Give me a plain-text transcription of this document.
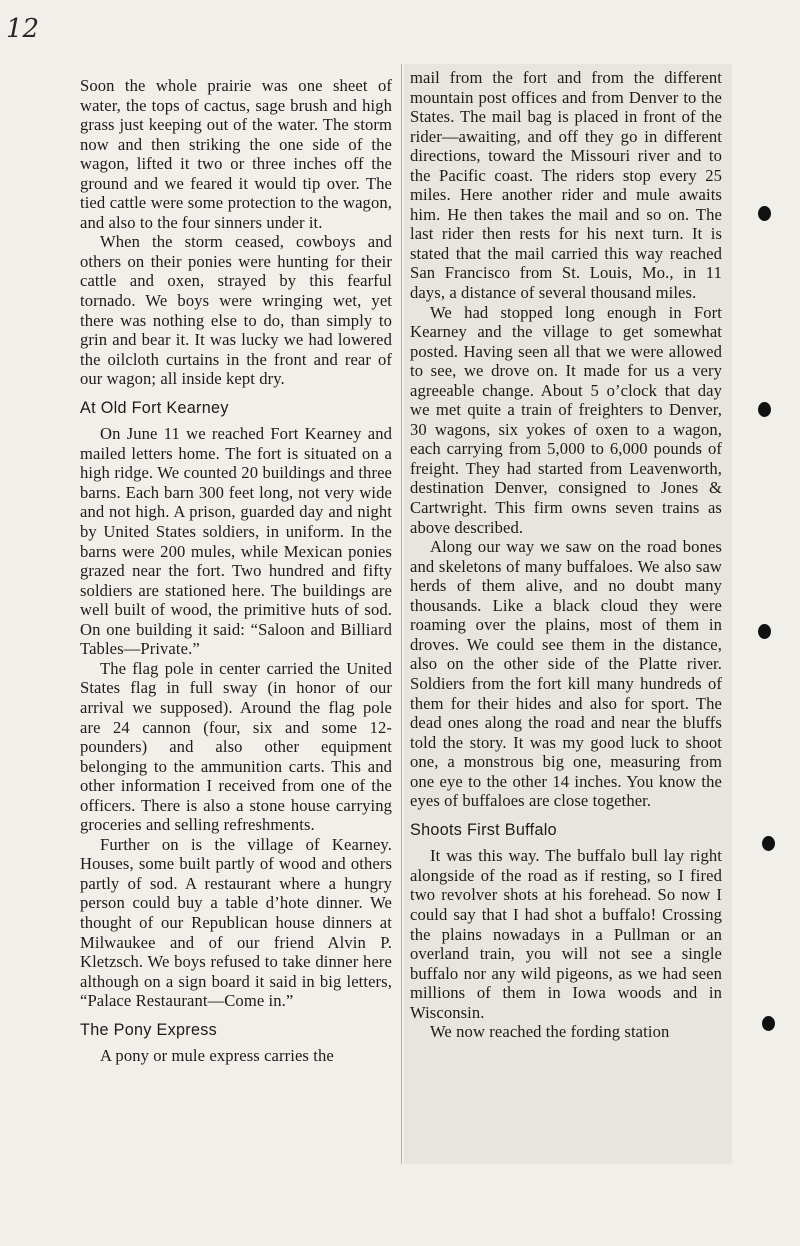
12

Soon the whole prairie was one sheet of water, the tops of cactus, sage brush and high grass just keeping out of the water. The storm now and then striking the one side of the wagon, lifted it two or three inches off the ground and we feared it would tip over. The tied cattle were some protection to the wagon, and also to the four sinners under it.

When the storm ceased, cowboys and others on their ponies were hunting for their cattle and oxen, strayed by this fearful tornado. We boys were wringing wet, yet there was nothing else to do, than simply to grin and bear it. It was lucky we had lowered the oilcloth curtains in the front and rear of our wagon; all inside kept dry.

At Old Fort Kearney

On June 11 we reached Fort Kearney and mailed letters home. The fort is situated on a high ridge. We counted 20 buildings and three barns. Each barn 300 feet long, not very wide and not high. A prison, guarded day and night by United States soldiers, in uniform. In the barns were 200 mules, while Mexican ponies grazed near the fort. Two hundred and fifty soldiers are stationed here. The buildings are well built of wood, the primitive huts of sod. On one building it said: “Saloon and Billiard Tables—Private.”

The flag pole in center carried the United States flag in full sway (in honor of our arrival we supposed). Around the flag pole are 24 cannon (four, six and some 12-pounders) and also other equipment belonging to the ammunition carts. This and other information I received from one of the officers. There is also a stone house carrying groceries and selling refreshments.

Further on is the village of Kearney. Houses, some built partly of wood and others partly of sod. A restaurant where a hungry person could buy a table d’hote dinner. We thought of our Republican house dinners at Milwaukee and of our friend Alvin P. Kletzsch. We boys refused to take dinner here although on a sign board it said in big letters, “Palace Restaurant—Come in.”

The Pony Express

A pony or mule express carries the

mail from the fort and from the different mountain post offices and from Denver to the States. The mail bag is placed in front of the rider—awaiting, and off they go in different directions, toward the Missouri river and to the Pacific coast. The riders stop every 25 miles. Here another rider and mule awaits him. He then takes the mail and so on. The last rider then rests for his next turn. It is stated that the mail carried this way reached San Francisco from St. Louis, Mo., in 11 days, a distance of several thousand miles.

We had stopped long enough in Fort Kearney and the village to get somewhat posted. Having seen all that we were allowed to see, we drove on. It made for us a very agreeable change. About 5 o’clock that day we met quite a train of freighters to Denver, 30 wagons, six yokes of oxen to a wagon, each carrying from 5,000 to 6,000 pounds of freight. They had started from Leavenworth, destination Denver, consigned to Jones & Cartwright. This firm owns seven trains as above described.

Along our way we saw on the road bones and skeletons of many buffaloes. We also saw herds of them alive, and no doubt many thousands. Like a black cloud they were roaming over the plains, most of them in droves. We could see them in the distance, also on the other side of the Platte river. Soldiers from the fort kill many hundreds of them for their hides and also for sport. The dead ones along the road and near the bluffs told the story. It was my good luck to shoot one, a monstrous big one, measuring from one eye to the other 14 inches. You know the eyes of buffaloes are close together.

Shoots First Buffalo

It was this way. The buffalo bull lay right alongside of the road as if resting, so I fired two revolver shots at his forehead. So now I could say that I had shot a buffalo! Crossing the plains nowadays in a Pullman or an overland train, you will not see a single buffalo nor any wild pigeons, as we had seen millions of them in Iowa woods and in Wisconsin.

We now reached the fording station
